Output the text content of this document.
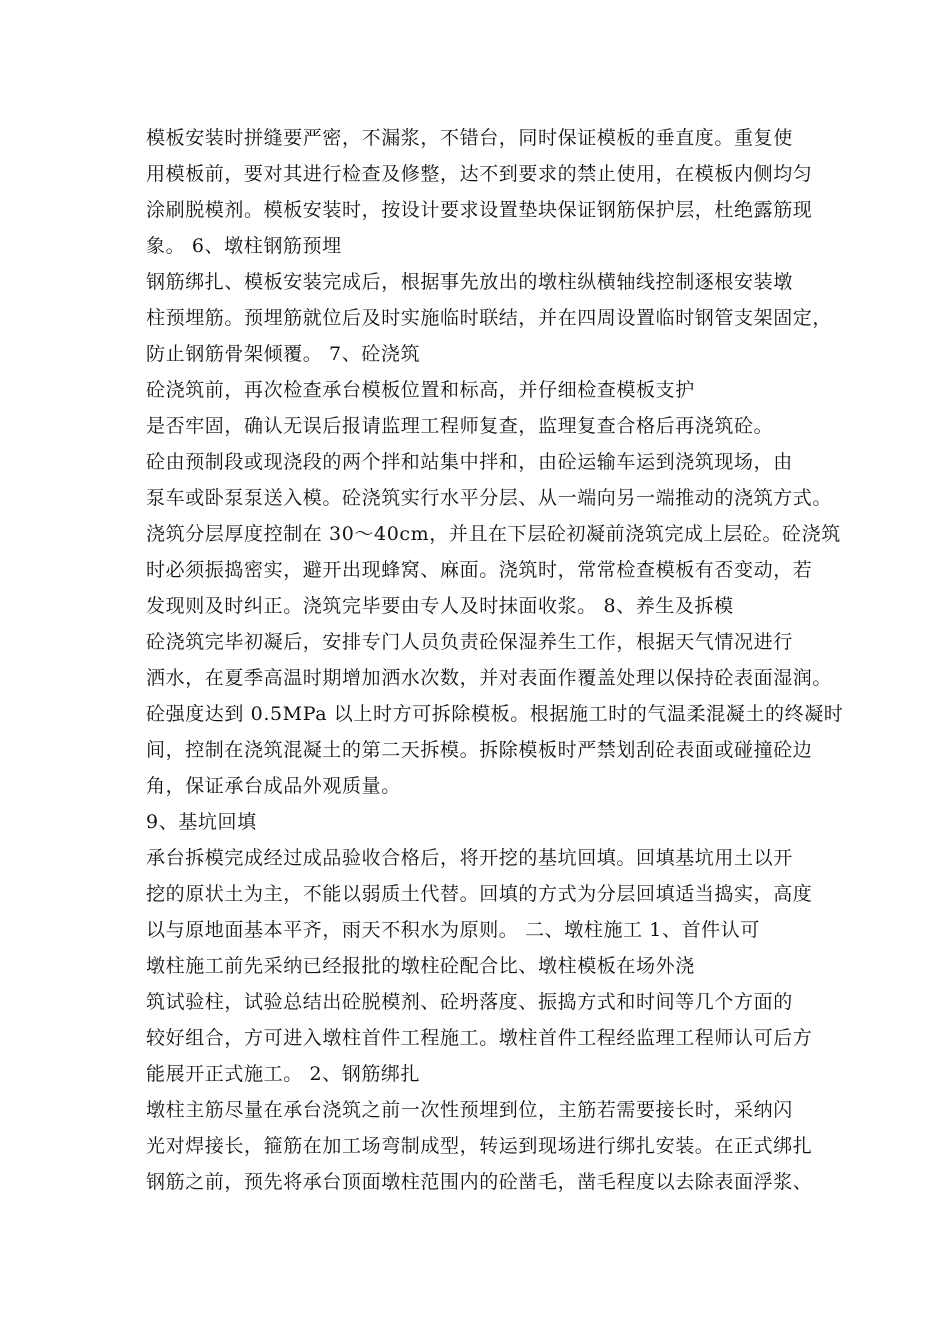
模板安装时拼缝要严密，不漏浆，不错台，同时保证模板的垂直度。重复使
用模板前，要对其进行检查及修整，达不到要求的禁止使用，在模板内侧均匀
涂刷脱模剂。模板安装时，按设计要求设置垫块保证钢筋保护层，杜绝露筋现
象。 6、墩柱钢筋预埋
钢筋绑扎、模板安装完成后，根据事先放出的墩柱纵横轴线控制逐根安装墩
柱预埋筋。预埋筋就位后及时实施临时联结，并在四周设置临时钢管支架固定，
防止钢筋骨架倾覆。 7、砼浇筑
砼浇筑前，再次检查承台模板位置和标高，并仔细检查模板支护
是否牢固，确认无误后报请监理工程师复查，监理复查合格后再浇筑砼。
砼由预制段或现浇段的两个拌和站集中拌和，由砼运输车运到浇筑现场，由
泵车或卧泵泵送入模。砼浇筑实行水平分层、从一端向另一端推动的浇筑方式。
浇筑分层厚度控制在 30～40cm，并且在下层砼初凝前浇筑完成上层砼。砼浇筑
时必须振捣密实，避开出现蜂窝、麻面。浇筑时，常常检查模板有否变动，若
发现则及时纠正。浇筑完毕要由专人及时抹面收浆。 8、养生及拆模
砼浇筑完毕初凝后，安排专门人员负责砼保湿养生工作，根据天气情况进行
洒水，在夏季高温时期增加洒水次数，并对表面作覆盖处理以保持砼表面湿润。
砼强度达到 0.5MPa 以上时方可拆除模板。根据施工时的气温柔混凝土的终凝时
间，控制在浇筑混凝土的第二天拆模。拆除模板时严禁划刮砼表面或碰撞砼边
角，保证承台成品外观质量。
9、基坑回填
承台拆模完成经过成品验收合格后，将开挖的基坑回填。回填基坑用土以开
挖的原状土为主，不能以弱质土代替。回填的方式为分层回填适当捣实，高度
以与原地面基本平齐，雨天不积水为原则。 二、墩柱施工 1、首件认可
墩柱施工前先采纳已经报批的墩柱砼配合比、墩柱模板在场外浇
筑试验柱，试验总结出砼脱模剂、砼坍落度、振捣方式和时间等几个方面的
较好组合，方可进入墩柱首件工程施工。墩柱首件工程经监理工程师认可后方
能展开正式施工。 2、钢筋绑扎
墩柱主筋尽量在承台浇筑之前一次性预埋到位，主筋若需要接长时，采纳闪
光对焊接长，箍筋在加工场弯制成型，转运到现场进行绑扎安装。在正式绑扎
钢筋之前，预先将承台顶面墩柱范围内的砼凿毛，凿毛程度以去除表面浮浆、
